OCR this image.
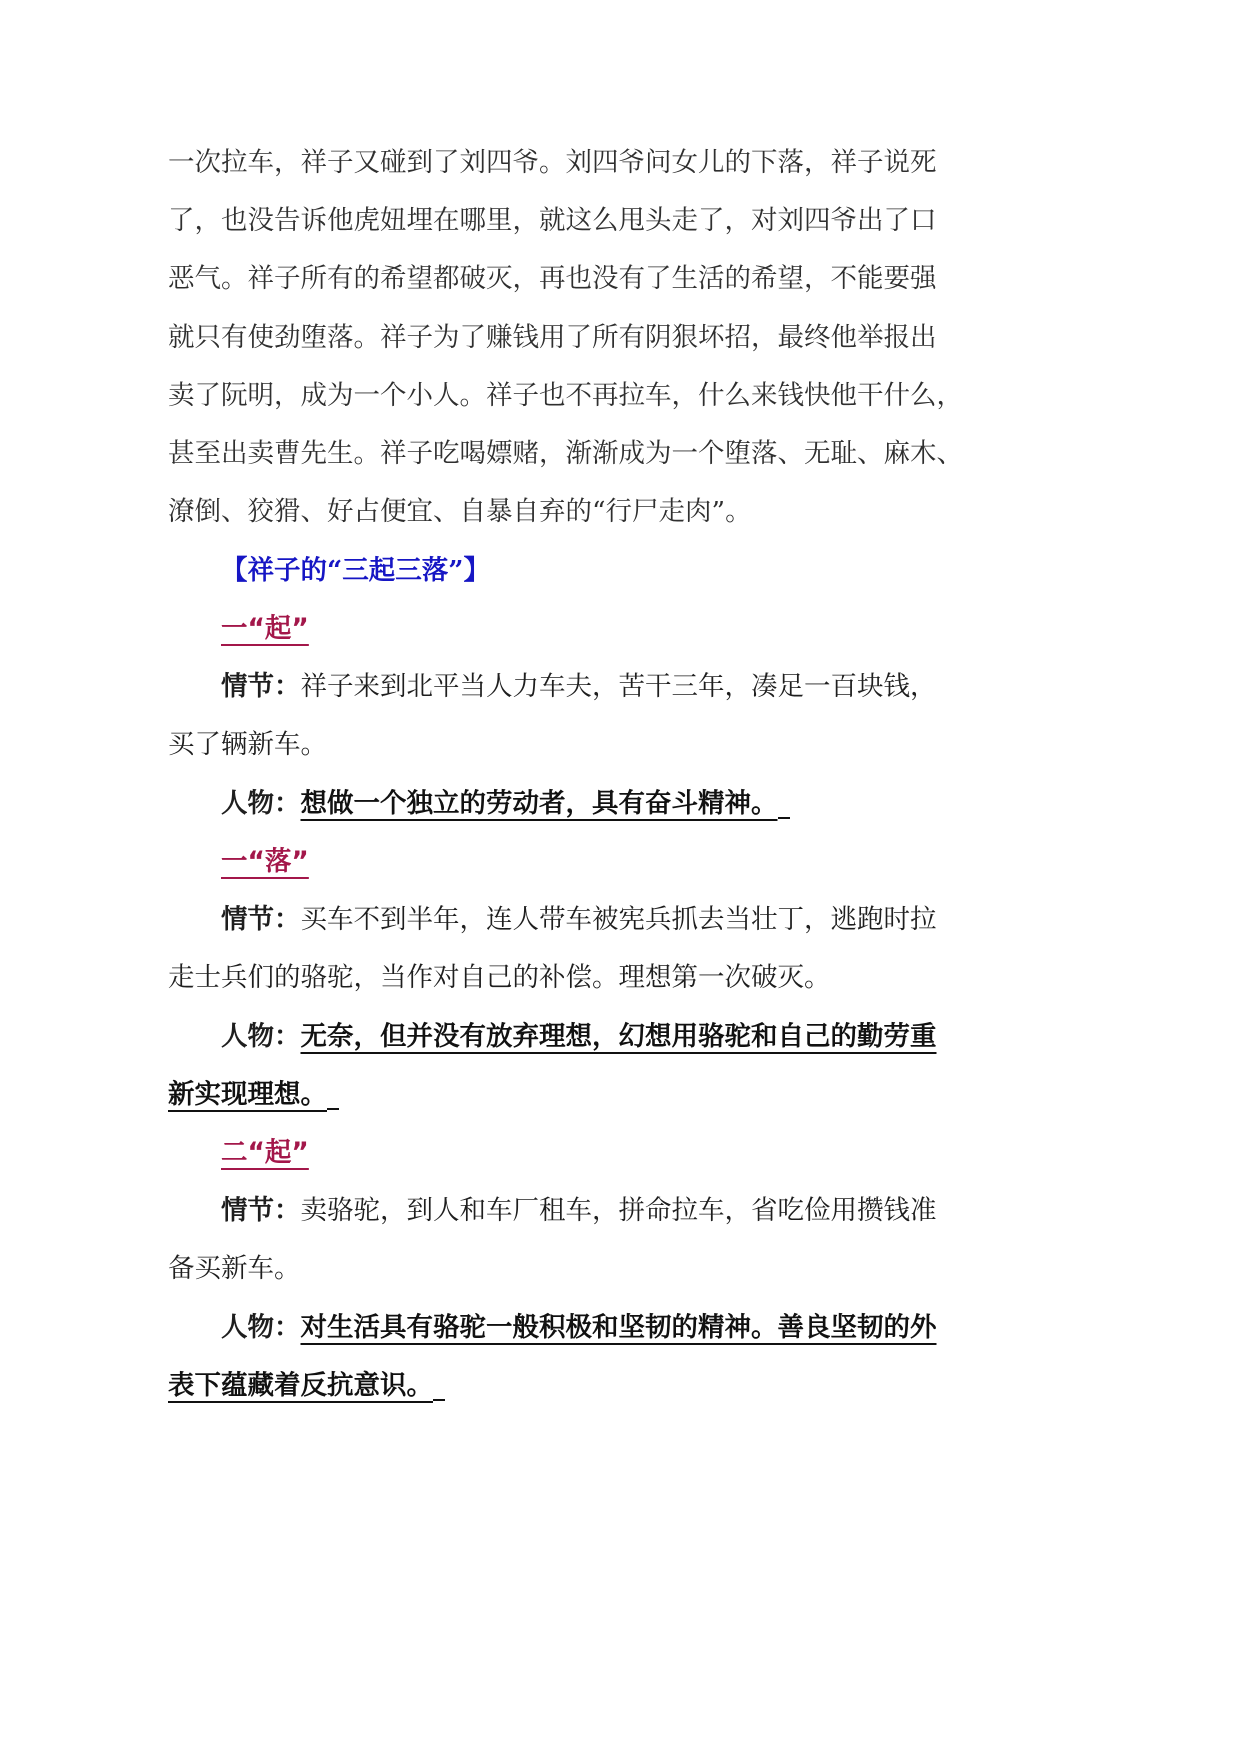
一次拉车，祥子又碰到了刘四爷。刘四爷问女儿的下落，祥子说死
了，也没告诉他虎妞埋在哪里，就这么甩头走了，对刘四爷出了口
恶气。祥子所有的希望都破灭，再也没有了生活的希望，不能要强
就只有使劲堕落。祥子为了赚钱用了所有阴狠坏招，最终他举报出
卖了阮明，成为一个小人。祥子也不再拉车，什么来钱快他干什么，
甚至出卖曹先生。祥子吃喝嫖赌，渐渐成为一个堕落、无耻、麻木、
潦倒、狡猾、好占便宜、自暴自弃的“行尸走肉”。
【祥子的“三起三落”】
一“起”
情节：祥子来到北平当人力车夫，苦干三年，凑足一百块钱，
买了辆新车。
人物：想做一个独立的劳动者，具有奋斗精神。
一“落”
情节：买车不到半年，连人带车被宪兵抓去当壮丁，逃跑时拉
走士兵们的骆驼，当作对自己的补偿。理想第一次破灭。
人物：无奈，但并没有放弃理想，幻想用骆驼和自己的勤劳重
新实现理想。
二“起”
情节：卖骆驼，到人和车厂租车，拼命拉车，省吃俭用攒钱准
备买新车。
人物：对生活具有骆驼一般积极和坚韧的精神。善良坚韧的外
表下蕴藏着反抗意识。
